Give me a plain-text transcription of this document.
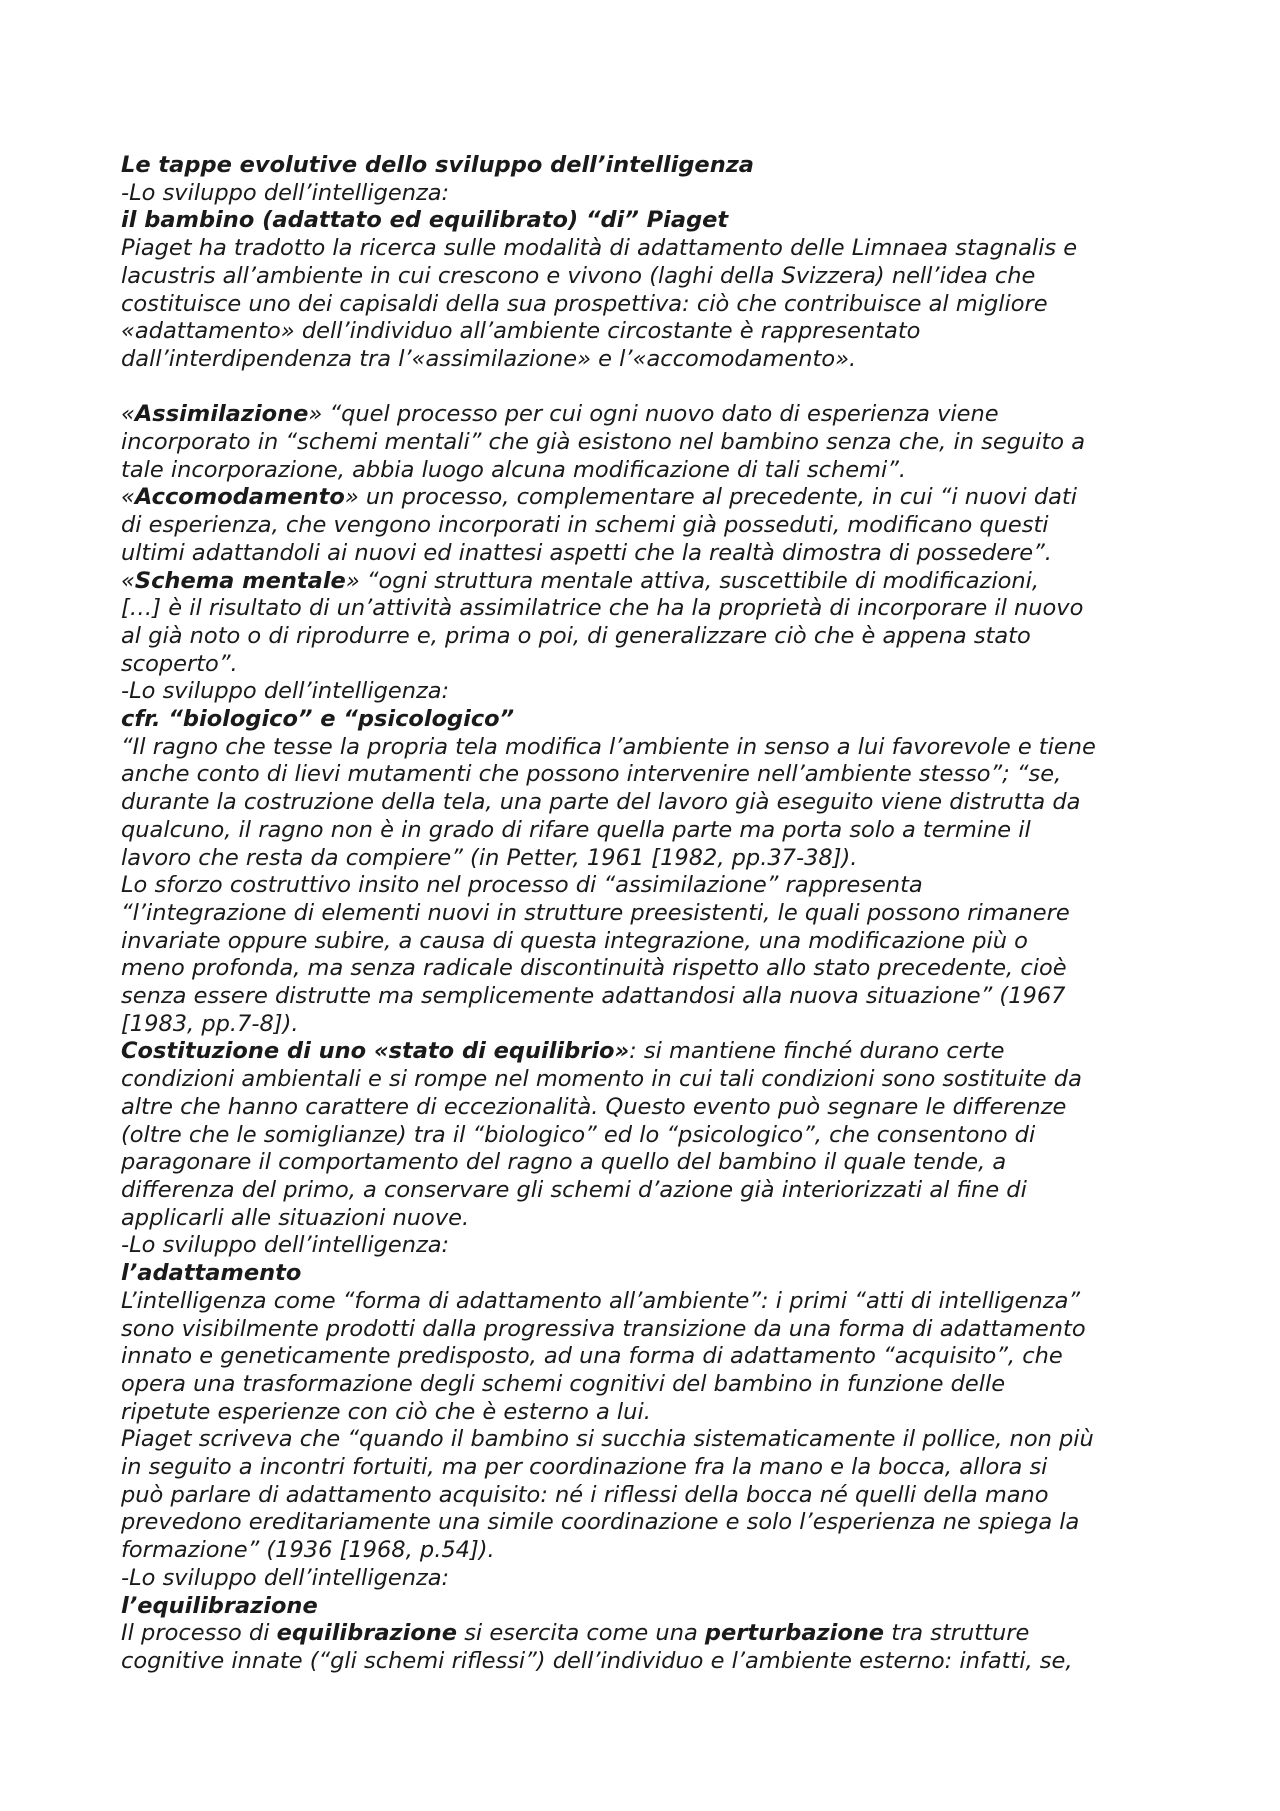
Le tappe evolutive dello sviluppo dell’intelligenza
-Lo sviluppo dell’intelligenza:
il bambino (adattato ed equilibrato) “di” Piaget
Piaget ha tradotto la ricerca sulle modalità di adattamento delle Limnaea stagnalis e
lacustris all’ambiente in cui crescono e vivono (laghi della Svizzera) nell’idea che
costituisce uno dei capisaldi della sua prospettiva: ciò che contribuisce al migliore
«adattamento» dell’individuo all’ambiente circostante è rappresentato
dall’interdipendenza tra l’«assimilazione» e l’«accomodamento».
«Assimilazione» “quel processo per cui ogni nuovo dato di esperienza viene
incorporato in “schemi mentali” che già esistono nel bambino senza che, in seguito a
tale incorporazione, abbia luogo alcuna modificazione di tali schemi”.
«Accomodamento» un processo, complementare al precedente, in cui “i nuovi dati
di esperienza, che vengono incorporati in schemi già posseduti, modificano questi
ultimi adattandoli ai nuovi ed inattesi aspetti che la realtà dimostra di possedere”.
«Schema mentale» “ogni struttura mentale attiva, suscettibile di modificazioni,
[…] è il risultato di un’attività assimilatrice che ha la proprietà di incorporare il nuovo
al già noto o di riprodurre e, prima o poi, di generalizzare ciò che è appena stato
scoperto”.
-Lo sviluppo dell’intelligenza:
cfr. “biologico” e “psicologico”
“Il ragno che tesse la propria tela modifica l’ambiente in senso a lui favorevole e tiene
anche conto di lievi mutamenti che possono intervenire nell’ambiente stesso”; “se,
durante la costruzione della tela, una parte del lavoro già eseguito viene distrutta da
qualcuno, il ragno non è in grado di rifare quella parte ma porta solo a termine il
lavoro che resta da compiere” (in Petter, 1961 [1982, pp.37-38]).
Lo sforzo costruttivo insito nel processo di “assimilazione” rappresenta
“l’integrazione di elementi nuovi in strutture preesistenti, le quali possono rimanere
invariate oppure subire, a causa di questa integrazione, una modificazione più o
meno profonda, ma senza radicale discontinuità rispetto allo stato precedente, cioè
senza essere distrutte ma semplicemente adattandosi alla nuova situazione” (1967
[1983, pp.7-8]).
Costituzione di uno «stato di equilibrio»: si mantiene finché durano certe
condizioni ambientali e si rompe nel momento in cui tali condizioni sono sostituite da
altre che hanno carattere di eccezionalità. Questo evento può segnare le differenze
(oltre che le somiglianze) tra il “biologico” ed lo “psicologico”, che consentono di
paragonare il comportamento del ragno a quello del bambino il quale tende, a
differenza del primo, a conservare gli schemi d’azione già interiorizzati al fine di
applicarli alle situazioni nuove.
-Lo sviluppo dell’intelligenza:
l’adattamento
L’intelligenza come “forma di adattamento all’ambiente”: i primi “atti di intelligenza”
sono visibilmente prodotti dalla progressiva transizione da una forma di adattamento
innato e geneticamente predisposto, ad una forma di adattamento “acquisito”, che
opera una trasformazione degli schemi cognitivi del bambino in funzione delle
ripetute esperienze con ciò che è esterno a lui.
Piaget scriveva che “quando il bambino si succhia sistematicamente il pollice, non più
in seguito a incontri fortuiti, ma per coordinazione fra la mano e la bocca, allora si
può parlare di adattamento acquisito: né i riflessi della bocca né quelli della mano
prevedono ereditariamente una simile coordinazione e solo l’esperienza ne spiega la
formazione” (1936 [1968, p.54]).
-Lo sviluppo dell’intelligenza:
l’equilibrazione
Il processo di equilibrazione si esercita come una perturbazione tra strutture
cognitive innate (“gli schemi riflessi”) dell’individuo e l’ambiente esterno: infatti, se,
